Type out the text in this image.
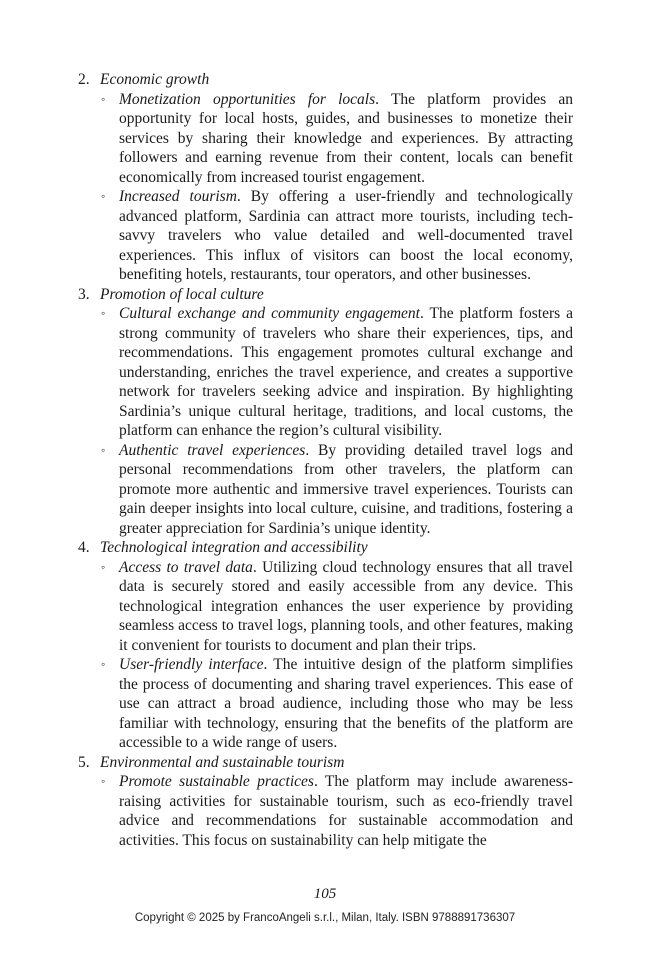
2. Economic growth
◦ Monetization opportunities for locals. The platform provides an opportunity for local hosts, guides, and businesses to monetize their services by sharing their knowledge and experiences. By attracting followers and earning revenue from their content, locals can benefit economically from increased tourist engagement.
◦ Increased tourism. By offering a user-friendly and technologically advanced platform, Sardinia can attract more tourists, including tech-savvy travelers who value detailed and well-documented travel experiences. This influx of visitors can boost the local economy, benefiting hotels, restaurants, tour operators, and other businesses.
3. Promotion of local culture
◦ Cultural exchange and community engagement. The platform fosters a strong community of travelers who share their experiences, tips, and recommendations. This engagement promotes cultural exchange and understanding, enriches the travel experience, and creates a supportive network for travelers seeking advice and inspiration. By highlighting Sardinia’s unique cultural heritage, traditions, and local customs, the platform can enhance the region’s cultural visibility.
◦ Authentic travel experiences. By providing detailed travel logs and personal recommendations from other travelers, the platform can promote more authentic and immersive travel experiences. Tourists can gain deeper insights into local culture, cuisine, and traditions, fostering a greater appreciation for Sardinia’s unique identity.
4. Technological integration and accessibility
◦ Access to travel data. Utilizing cloud technology ensures that all travel data is securely stored and easily accessible from any device. This technological integration enhances the user experience by providing seamless access to travel logs, planning tools, and other features, making it convenient for tourists to document and plan their trips.
◦ User-friendly interface. The intuitive design of the platform simplifies the process of documenting and sharing travel experiences. This ease of use can attract a broad audience, including those who may be less familiar with technology, ensuring that the benefits of the platform are accessible to a wide range of users.
5. Environmental and sustainable tourism
◦ Promote sustainable practices. The platform may include awareness-raising activities for sustainable tourism, such as eco-friendly travel advice and recommendations for sustainable accommodation and activities. This focus on sustainability can help mitigate the
105
Copyright © 2025 by FrancoAngeli s.r.l., Milan, Italy. ISBN 9788891736307
